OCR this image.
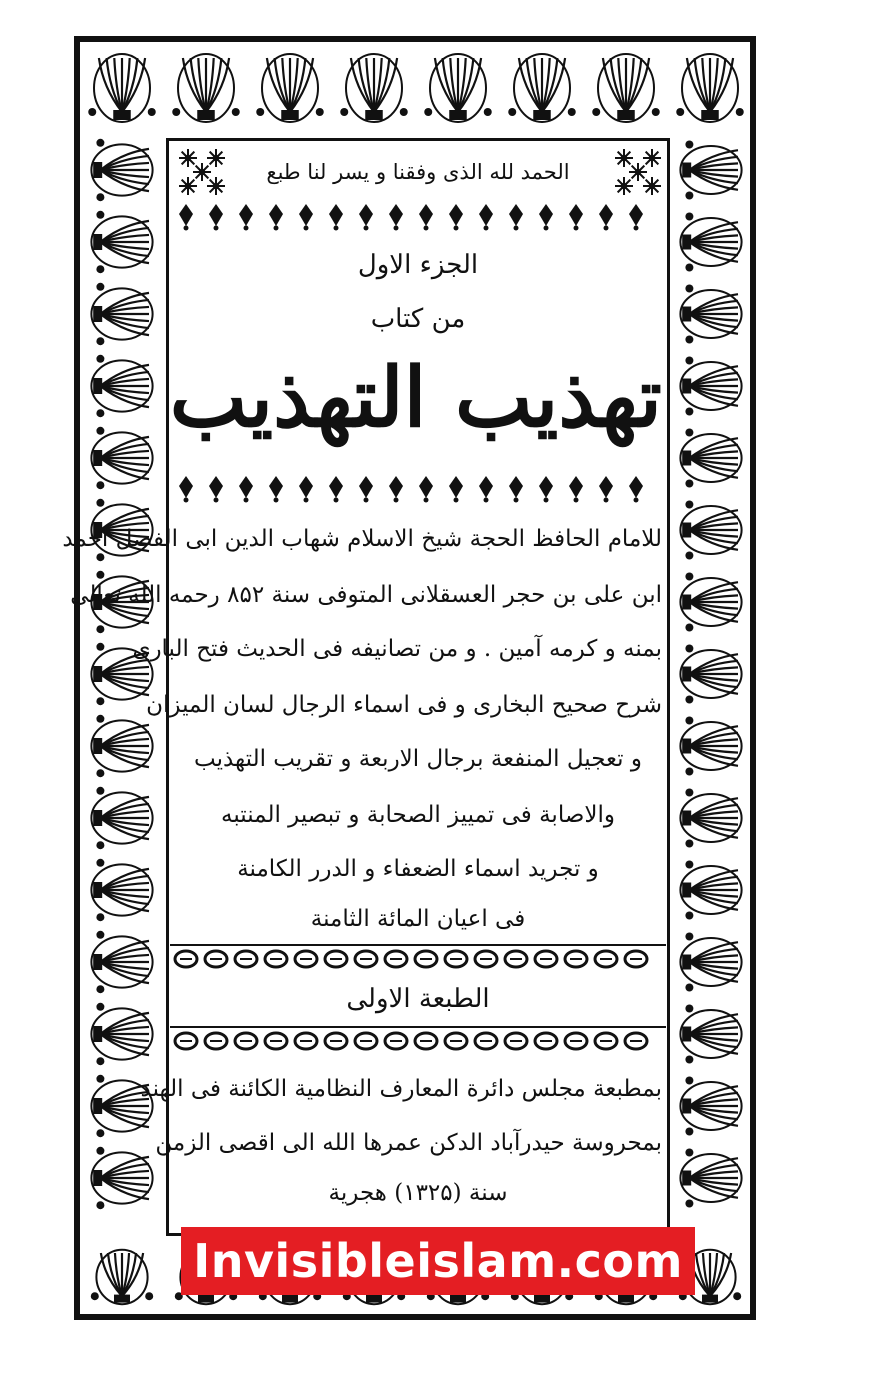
الحمد لله الذی وفقنا و یسر لنا طبع
الجزء الاول
من کتاب
تهذیب التهذیب
للامام الحافظ الحجة شیخ الاسلام شهاب الدین ابی الفضل احمد
ابن علی بن حجر العسقلانی المتوفی سنة ۸۵۲ رحمه الله تعالی
بمنه و کرمه آمین . و من تصانیفه فی الحدیث فتح الباری
شرح صحیح البخاری و فی اسماء الرجال لسان المیزان
و تعجیل المنفعة برجال الاربعة و تقریب التهذیب
والاصابة فی تمییز الصحابة و تبصیر المنتبه
و تجرید اسماء الضعفاء و الدرر الکامنة
فی اعیان المائة الثامنة
الطبعة الاولی
بمطبعة مجلس دائرة المعارف النظامیة الکائنة فی الهند
بمحروسة حیدرآباد الدکن عمرها الله الی اقصی الزمن
سنة (۱۳۲۵) هجریة
Invisibleislam.com
